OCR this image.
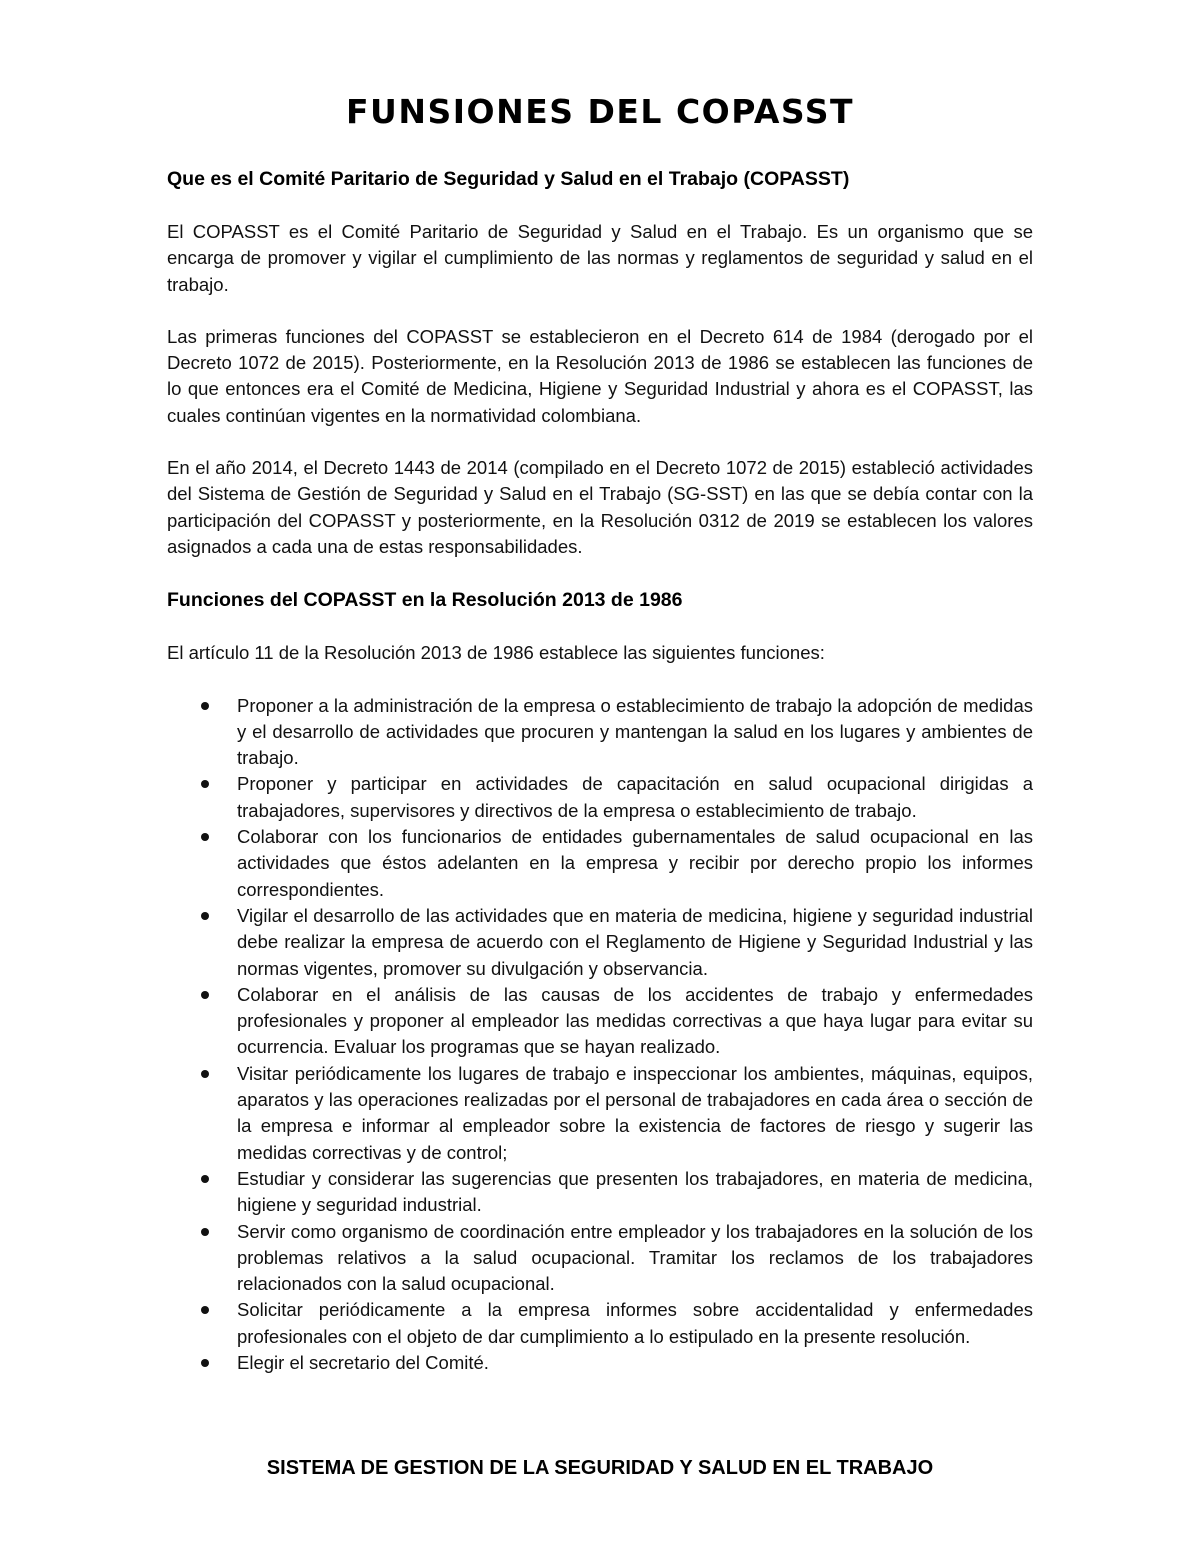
FUNSIONES DEL COPASST
Que es el Comité Paritario de Seguridad y Salud en el Trabajo (COPASST)

El COPASST es el Comité Paritario de Seguridad y Salud en el Trabajo. Es un organismo que se encarga de promover y vigilar el cumplimiento de las normas y reglamentos de seguridad y salud en el trabajo.

Las primeras funciones del COPASST se establecieron en el Decreto 614 de 1984 (derogado por el Decreto 1072 de 2015). Posteriormente, en la Resolución 2013 de 1986 se establecen las funciones de lo que entonces era el Comité de Medicina, Higiene y Seguridad Industrial y ahora es el COPASST, las cuales continúan vigentes en la normatividad colombiana.

En el año 2014, el Decreto 1443 de 2014 (compilado en el Decreto 1072 de 2015) estableció actividades del Sistema de Gestión de Seguridad y Salud en el Trabajo (SG-SST) en las que se debía contar con la participación del COPASST y posteriormente, en la Resolución 0312 de 2019 se establecen los valores asignados a cada una de estas responsabilidades.

Funciones del COPASST en la Resolución 2013 de 1986

El artículo 11 de la Resolución 2013 de 1986 establece las siguientes funciones:

Proponer a la administración de la empresa o establecimiento de trabajo la adopción de medidas y el desarrollo de actividades que procuren y mantengan la salud en los lugares y ambientes de trabajo.
Proponer y participar en actividades de capacitación en salud ocupacional dirigidas a trabajadores, supervisores y directivos de la empresa o establecimiento de trabajo.
Colaborar con los funcionarios de entidades gubernamentales de salud ocupacional en las actividades que éstos adelanten en la empresa y recibir por derecho propio los informes correspondientes.
Vigilar el desarrollo de las actividades que en materia de medicina, higiene y seguridad industrial debe realizar la empresa de acuerdo con el Reglamento de Higiene y Seguridad Industrial y las normas vigentes, promover su divulgación y observancia.
Colaborar en el análisis de las causas de los accidentes de trabajo y enfermedades profesionales y proponer al empleador las medidas correctivas a que haya lugar para evitar su ocurrencia. Evaluar los programas que se hayan realizado.
Visitar periódicamente los lugares de trabajo e inspeccionar los ambientes, máquinas, equipos, aparatos y las operaciones realizadas por el personal de trabajadores en cada área o sección de la empresa e informar al empleador sobre la existencia de factores de riesgo y sugerir las medidas correctivas y de control;
Estudiar y considerar las sugerencias que presenten los trabajadores, en materia de medicina, higiene y seguridad industrial.
Servir como organismo de coordinación entre empleador y los trabajadores en la solución de los problemas relativos a la salud ocupacional. Tramitar los reclamos de los trabajadores relacionados con la salud ocupacional.
Solicitar periódicamente a la empresa informes sobre accidentalidad y enfermedades profesionales con el objeto de dar cumplimiento a lo estipulado en la presente resolución.
Elegir el secretario del Comité.

SISTEMA DE GESTION DE LA SEGURIDAD Y SALUD EN EL TRABAJO
